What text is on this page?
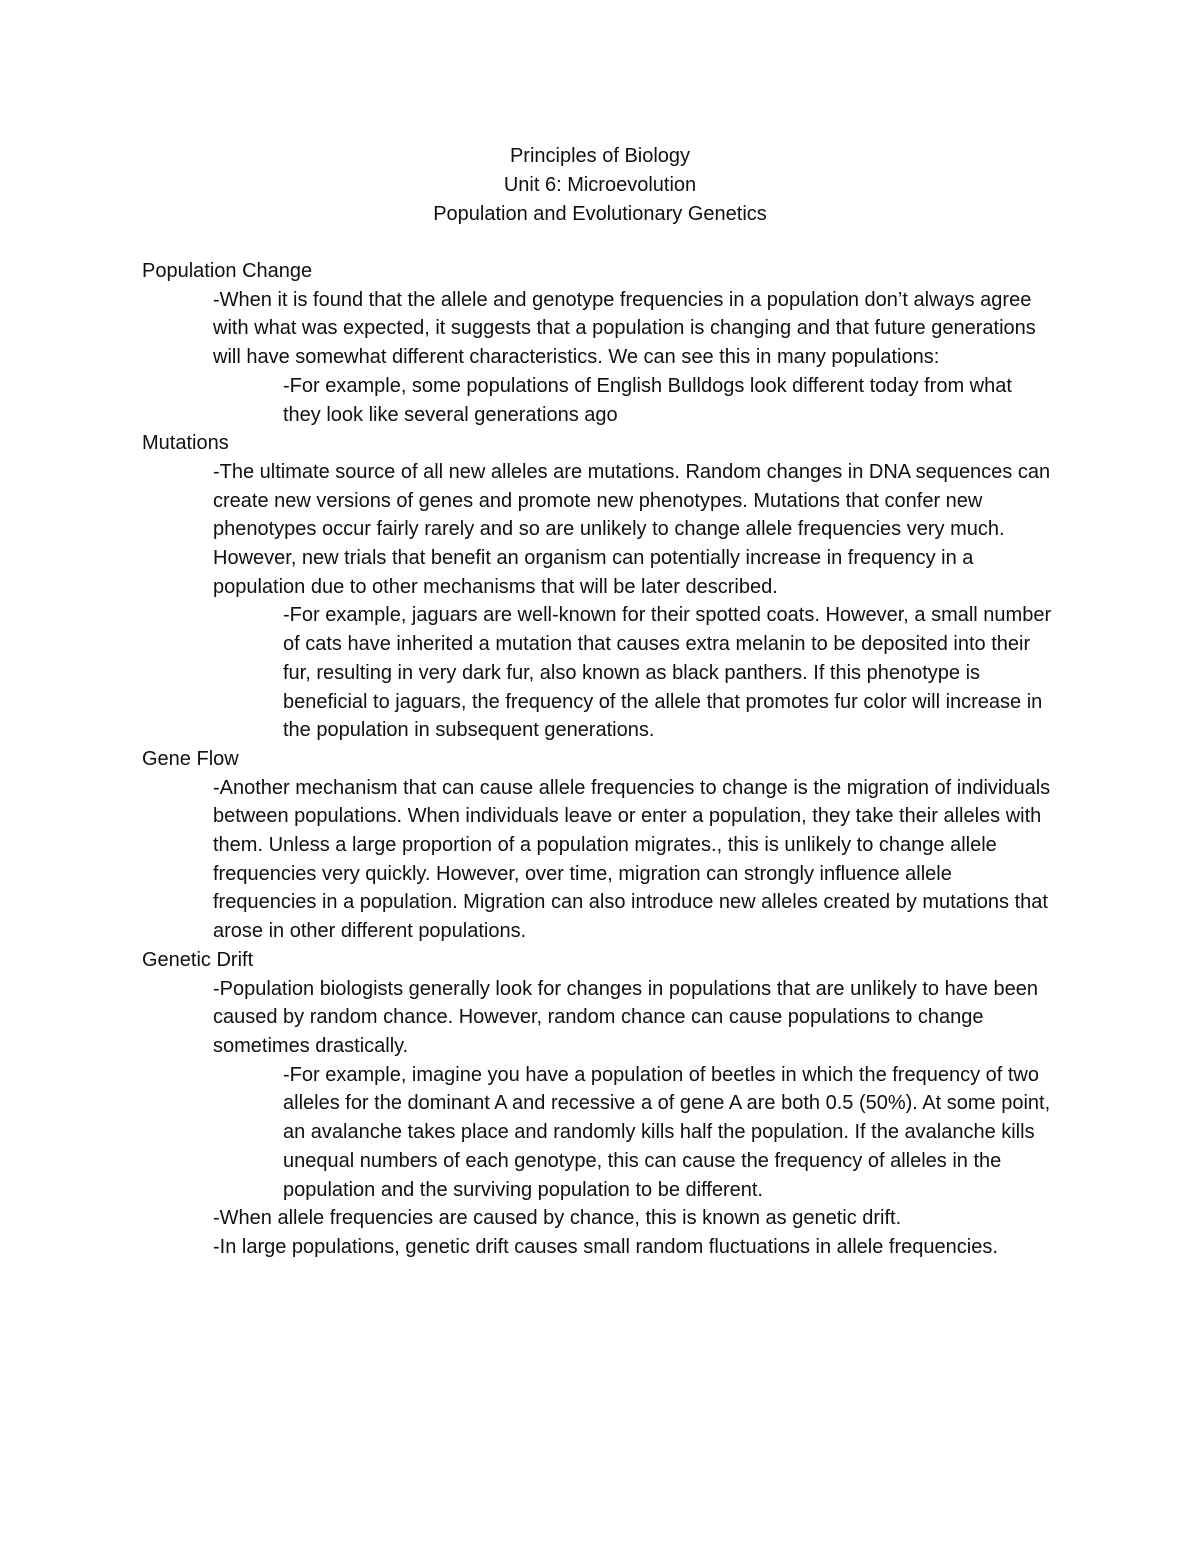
Principles of Biology
Unit 6: Microevolution
Population and Evolutionary Genetics
Population Change

-When it is found that the allele and genotype frequencies in a population don’t always agree with what was expected, it suggests that a population is changing and that future generations will have somewhat different characteristics. We can see this in many populations:

-For example, some populations of English Bulldogs look different today from what they look like several generations ago

Mutations

-The ultimate source of all new alleles are mutations. Random changes in DNA sequences can create new versions of genes and promote new phenotypes. Mutations that confer new phenotypes occur fairly rarely and so are unlikely to change allele frequencies very much. However, new trials that benefit an organism can potentially increase in frequency in a population due to other mechanisms that will be later described.

-For example, jaguars are well-known for their spotted coats. However, a small number of cats have inherited a mutation that causes extra melanin to be deposited into their fur, resulting in very dark fur, also known as black panthers. If this phenotype is beneficial to jaguars, the frequency of the allele that promotes fur color will increase in the population in subsequent generations.

Gene Flow

-Another mechanism that can cause allele frequencies to change is the migration of individuals between populations. When individuals leave or enter a population, they take their alleles with them. Unless a large proportion of a population migrates., this is unlikely to change allele frequencies very quickly. However, over time, migration can strongly influence allele frequencies in a population. Migration can also introduce new alleles created by mutations that arose in other different populations.

Genetic Drift

-Population biologists generally look for changes in populations that are unlikely to have been caused by random chance. However, random chance can cause populations to change sometimes drastically.

-For example, imagine you have a population of beetles in which the frequency of two alleles for the dominant A and recessive a of gene A are both 0.5 (50%). At some point, an avalanche takes place and randomly kills half the population. If the avalanche kills unequal numbers of each genotype, this can cause the frequency of alleles in the population and the surviving population to be different.

-When allele frequencies are caused by chance, this is known as genetic drift.

-In large populations, genetic drift causes small random fluctuations in allele frequencies.
